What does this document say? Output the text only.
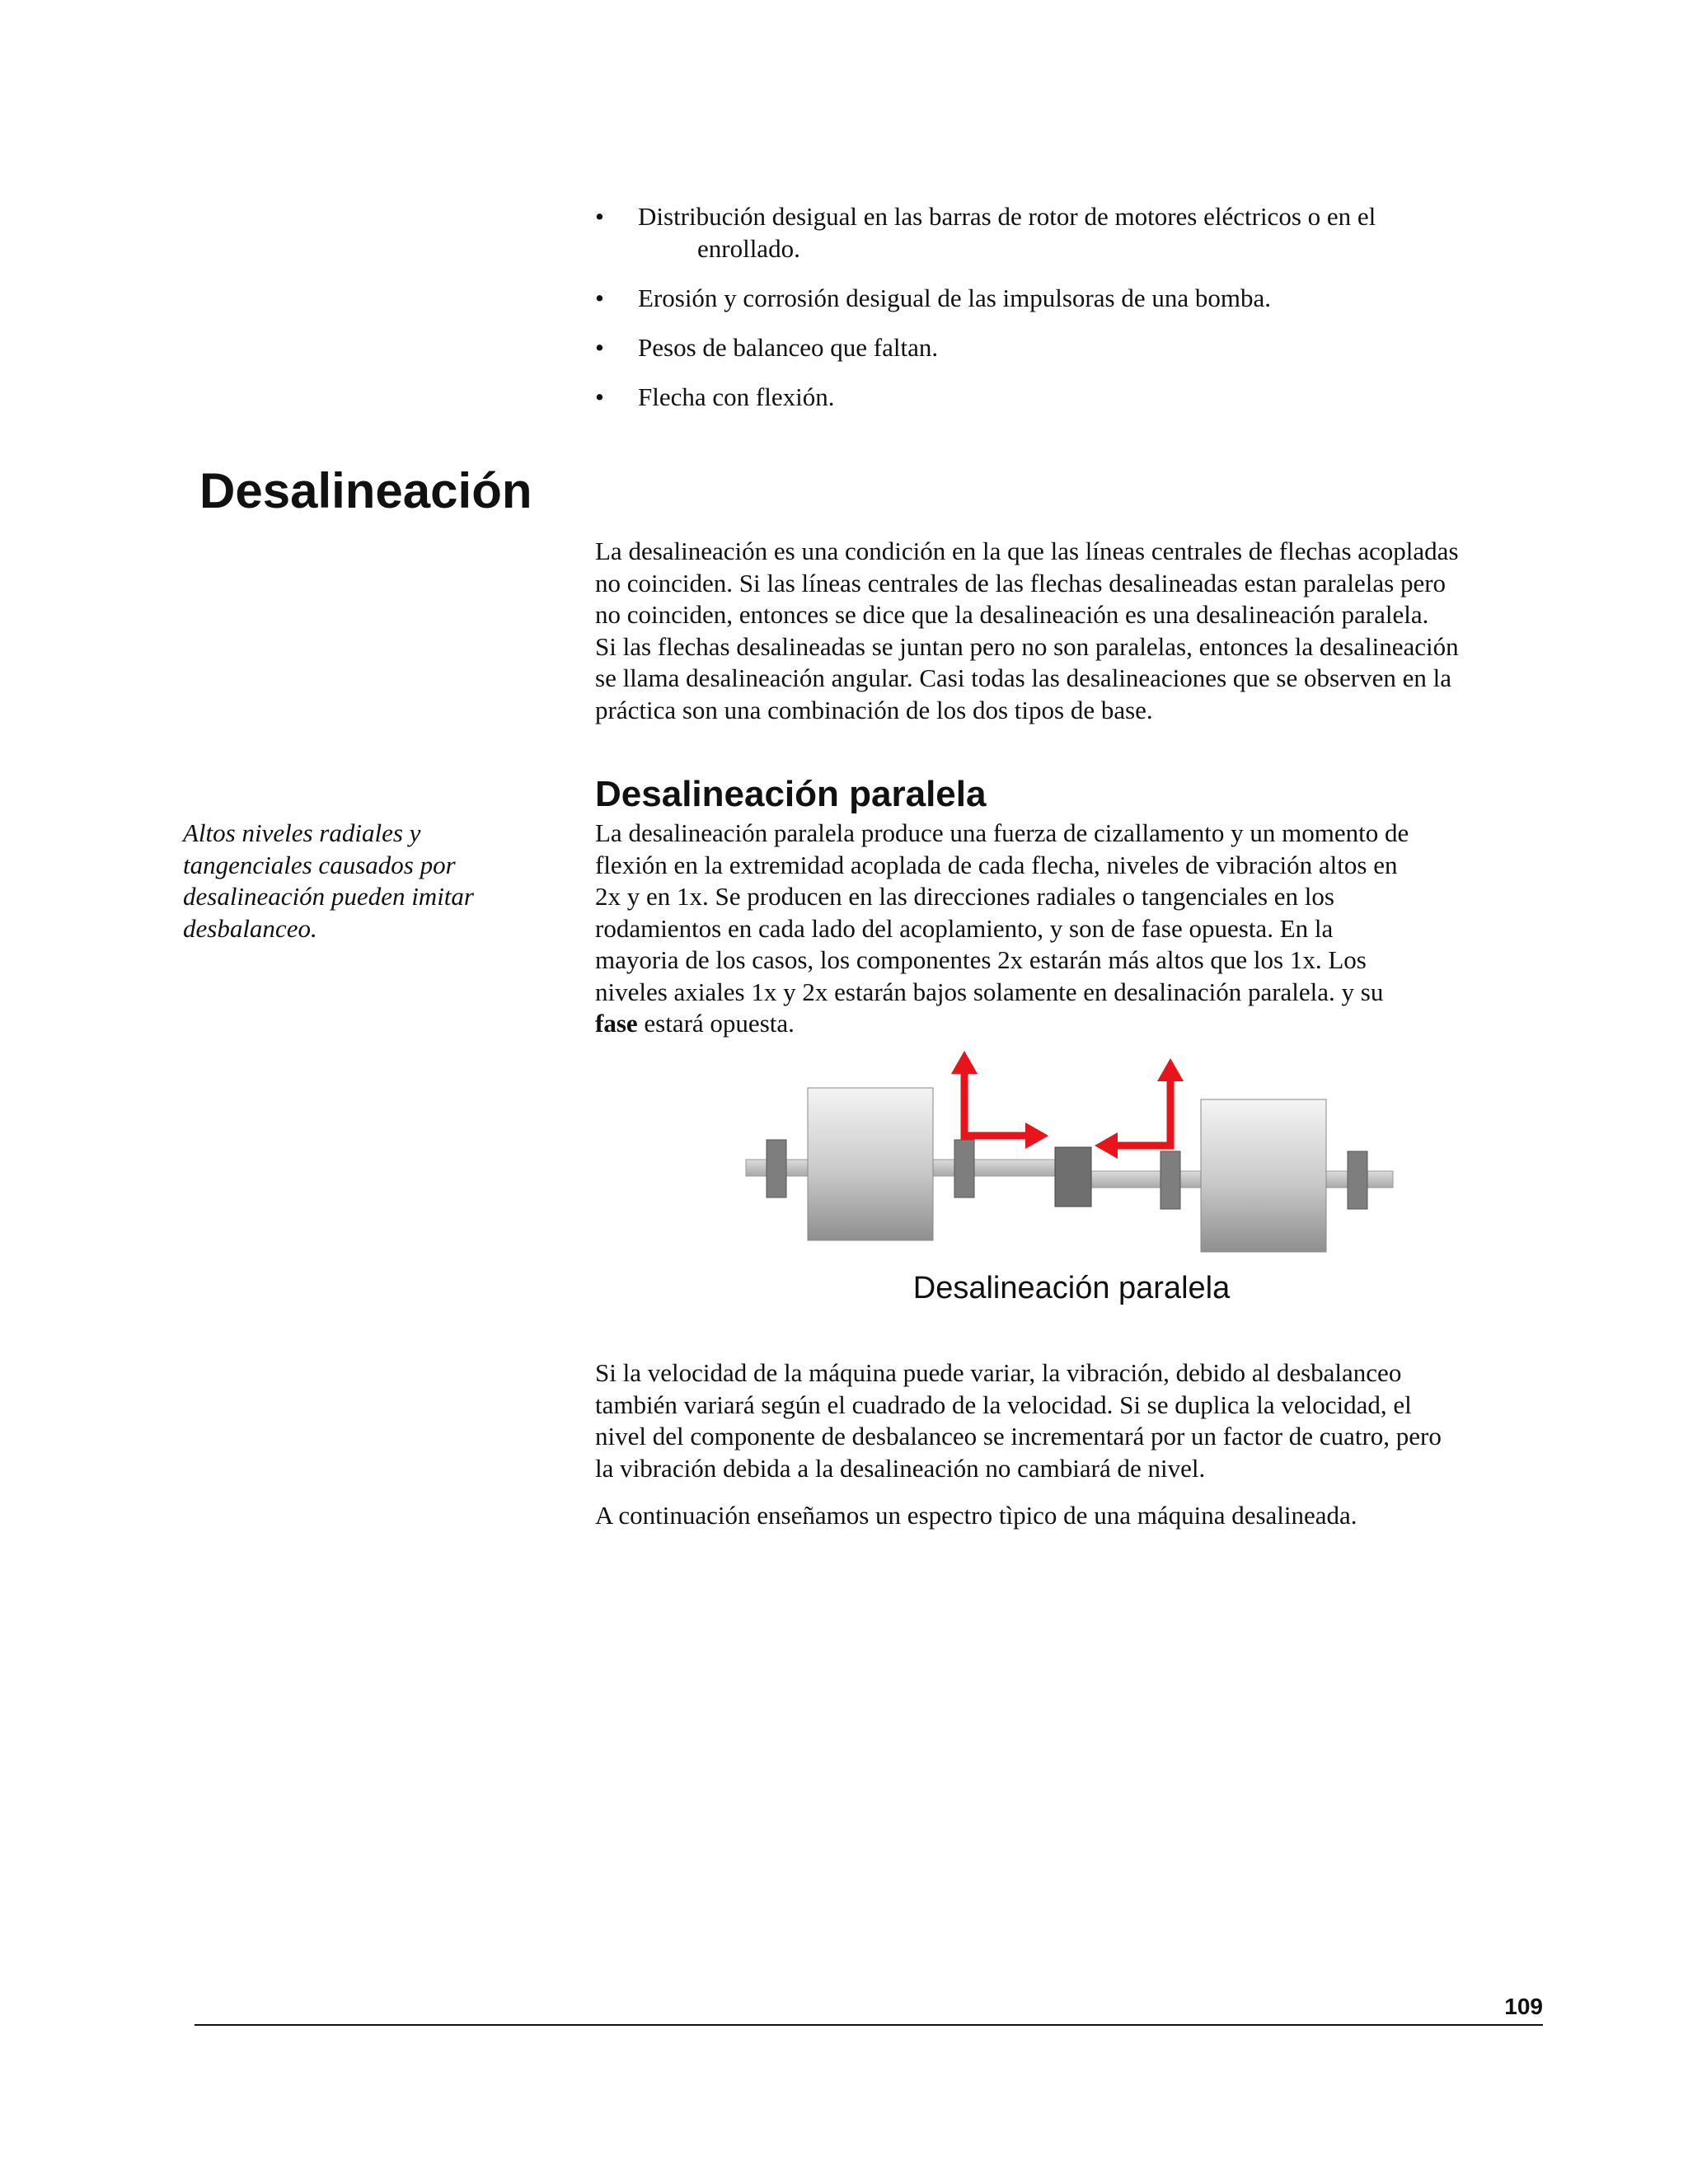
• Distribución desigual en las barras de rotor de motores eléctricos o en el
enrollado.
• Erosión y corrosión desigual de las impulsoras de una bomba.
• Pesos de balanceo que faltan.
• Flecha con flexión.
Desalineación
La desalineación es una condición en la que las líneas centrales de flechas acopladas
no coinciden. Si las líneas centrales de las flechas desalineadas estan paralelas pero
no coinciden, entonces se dice que la desalineación es una desalineación paralela.
Si las flechas desalineadas se juntan pero no son paralelas, entonces la desalineación
se llama desalineación angular. Casi todas las desalineaciones que se observen en la
práctica son una combinación de los dos tipos de base.
Desalineación paralela
Altos niveles radiales y
tangenciales causados por
desalineación pueden imitar
desbalanceo.
La desalineación paralela produce una fuerza de cizallamento y un momento de
flexión en la extremidad acoplada de cada flecha, niveles de vibración altos en
2x y en 1x. Se producen en las direcciones radiales o tangenciales en los
rodamientos en cada lado del acoplamiento, y son de fase opuesta. En la
mayoria de los casos, los componentes 2x estarán más altos que los 1x. Los
niveles axiales 1x y 2x estarán bajos solamente en desalinación paralela. y su
fase estará opuesta.
Desalineación paralela
Si la velocidad de la máquina puede variar, la vibración, debido al desbalanceo
también variará según el cuadrado de la velocidad. Si se duplica la velocidad, el
nivel del componente de desbalanceo se incrementará por un factor de cuatro, pero
la vibración debida a la desalineación no cambiará de nivel.
A continuación enseñamos un espectro tìpico de una máquina desalineada.
109
